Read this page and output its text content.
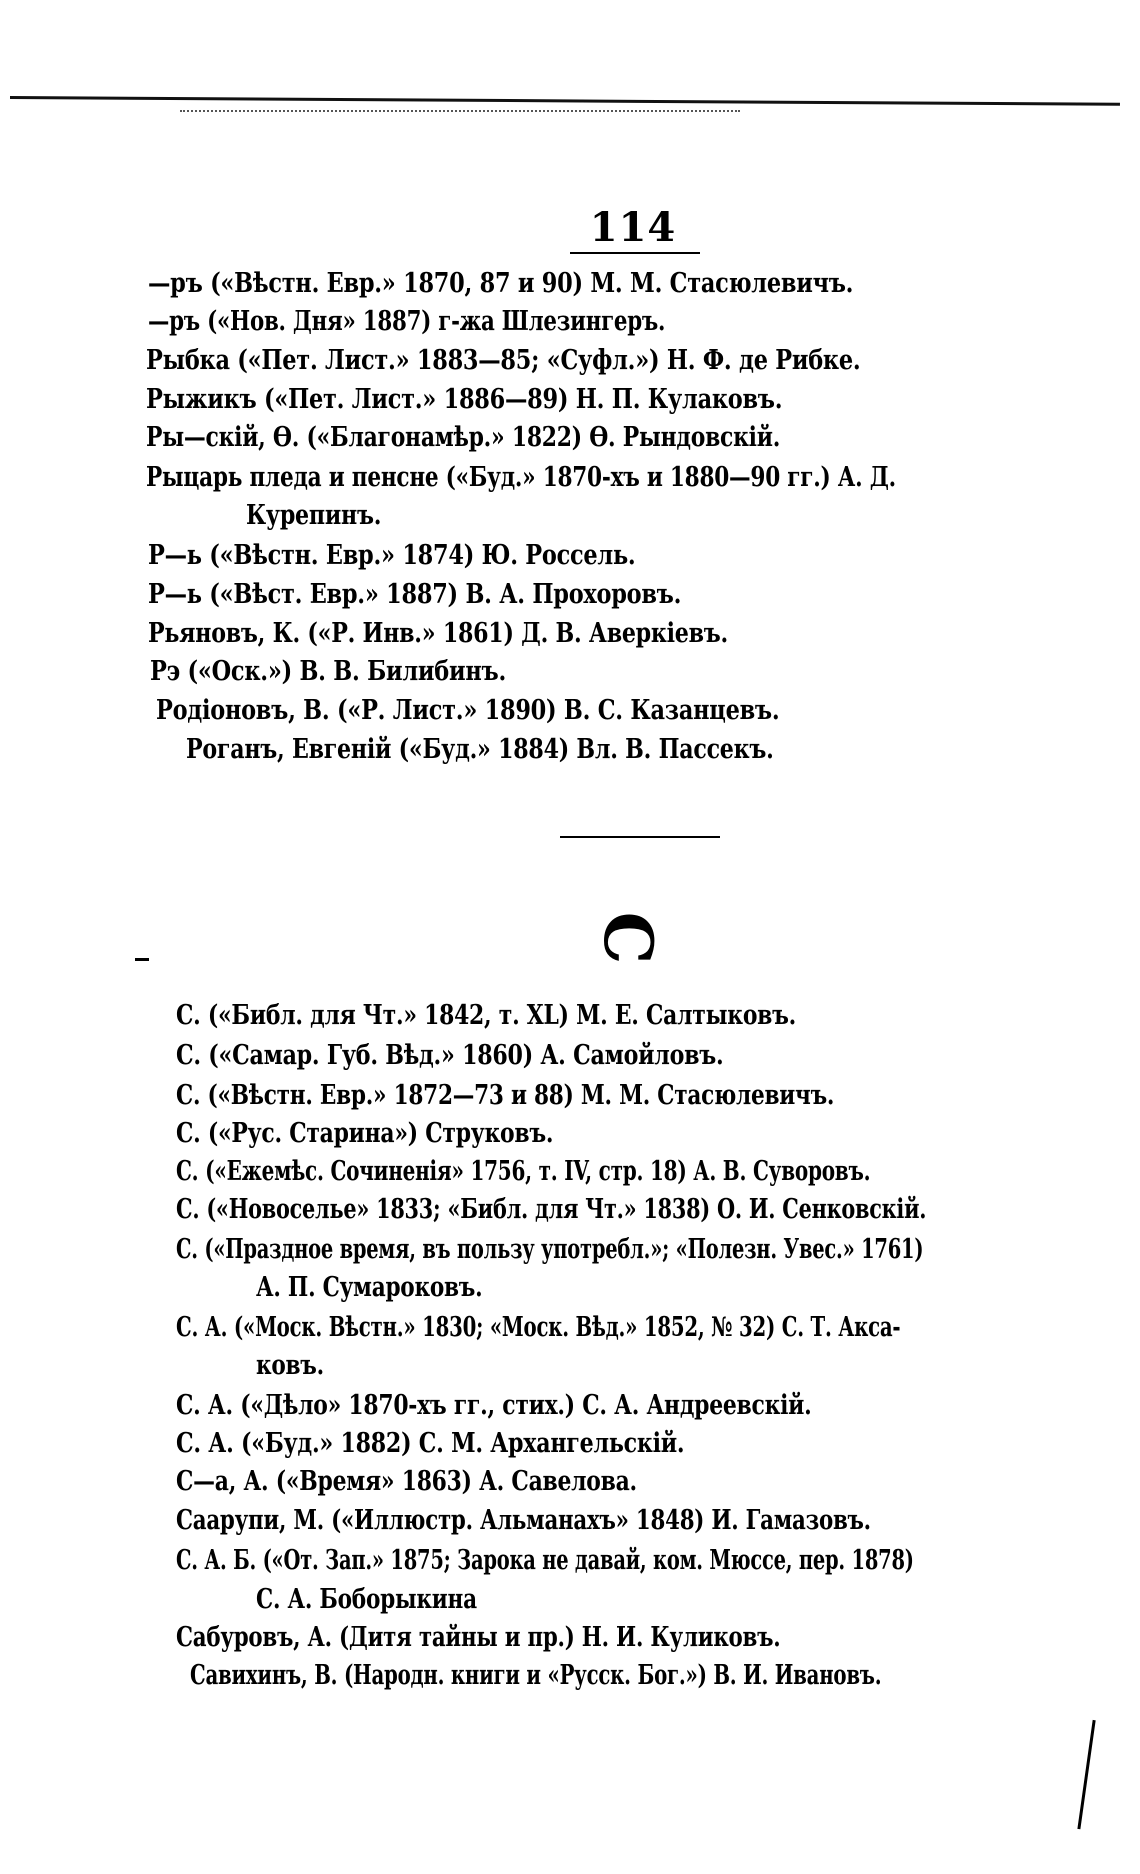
114
—ръ («Вѣстн. Евр.» 1870, 87 и 90) М. М. Стасюлевичъ.
—ръ («Нов. Дня» 1887) г-жа Шлезингеръ.
Рыбка («Пет. Лист.» 1883—85; «Суфл.») Н. Ф. де Рибке.
Рыжикъ («Пет. Лист.» 1886—89) Н. П. Кулаковъ.
Ры—скій, Ѳ. («Благонамѣр.» 1822) Ѳ. Рындовскій.
Рыцарь пледа и пенсне («Буд.» 1870-хъ и 1880—90 гг.) А. Д.
Курепинъ.
Р—ь («Вѣстн. Евр.» 1874) Ю. Россель.
Р—ь («Вѣст. Евр.» 1887) В. А. Прохоровъ.
Рьяновъ, К. («Р. Инв.» 1861) Д. В. Аверкіевъ.
Рэ («Оск.») В. В. Билибинъ.
Родіоновъ, В. («Р. Лист.» 1890) В. С. Казанцевъ.
Роганъ, Евгеній («Буд.» 1884) Вл. В. Пассекъ.
С
С. («Библ. для Чт.» 1842, т. XL) М. Е. Салтыковъ.
С. («Самар. Губ. Вѣд.» 1860) А. Самойловъ.
С. («Вѣстн. Евр.» 1872—73 и 88) М. М. Стасюлевичъ.
С. («Рус. Старина») Струковъ.
С. («Ежемѣс. Сочиненія» 1756, т. IV, стр. 18) А. В. Суворовъ.
С. («Новоселье» 1833; «Библ. для Чт.» 1838) О. И. Сенковскій.
С. («Праздное время, въ пользу употребл.»; «Полезн. Увес.» 1761)
А. П. Сумароковъ.
С. А. («Моск. Вѣстн.» 1830; «Моск. Вѣд.» 1852, № 32) С. Т. Акса-
ковъ.
С. А. («Дѣло» 1870-хъ гг., стих.) С. А. Андреевскій.
С. А. («Буд.» 1882) С. М. Архангельскій.
С—а, А. («Время» 1863) А. Савелова.
Саарупи, М. («Иллюстр. Альманахъ» 1848) И. Гамазовъ.
С. А. Б. («От. Зап.» 1875; Зарока не давай, ком. Мюссе, пер. 1878)
С. А. Боборыкина
Сабуровъ, А. (Дитя тайны и пр.) Н. И. Куликовъ.
Савихинъ, В. (Народн. книги и «Русск. Бог.») В. И. Ивановъ.
